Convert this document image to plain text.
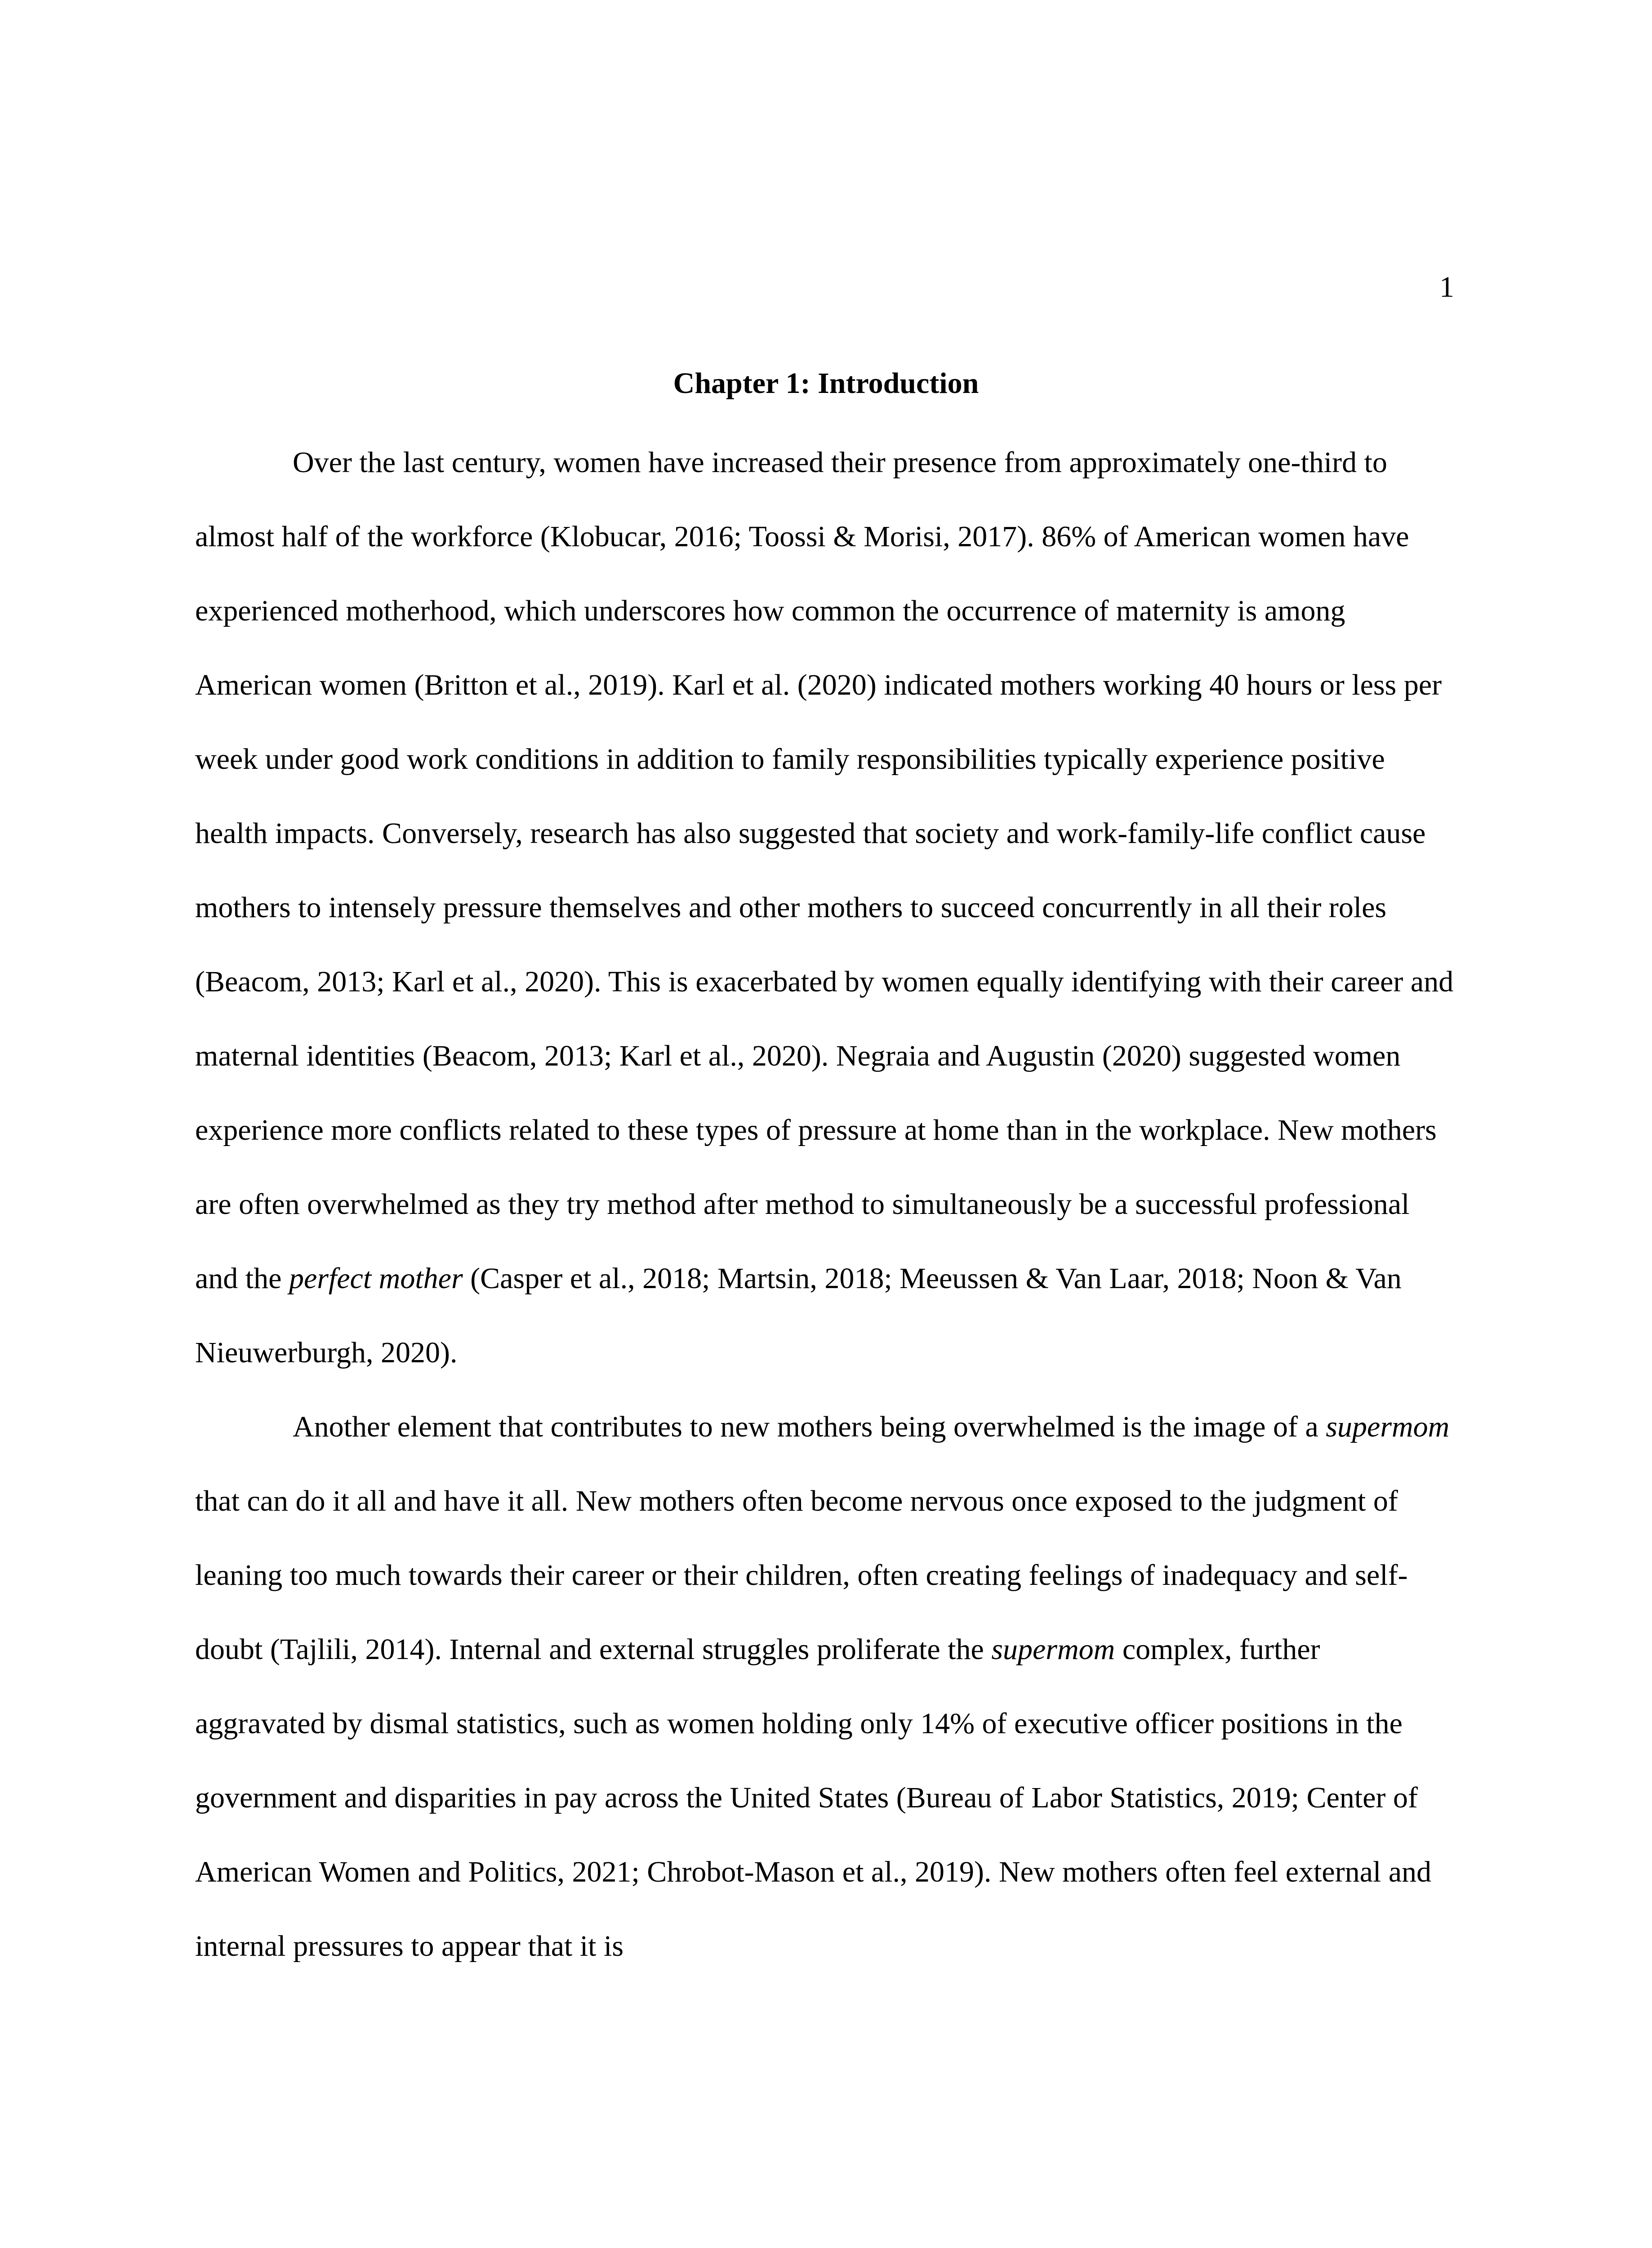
1
Chapter 1: Introduction

Over the last century, women have increased their presence from approximately one-third to almost half of the workforce (Klobucar, 2016; Toossi & Morisi, 2017). 86% of American women have experienced motherhood, which underscores how common the occurrence of maternity is among American women (Britton et al., 2019). Karl et al. (2020) indicated mothers working 40 hours or less per week under good work conditions in addition to family responsibilities typically experience positive health impacts. Conversely, research has also suggested that society and work-family-life conflict cause mothers to intensely pressure themselves and other mothers to succeed concurrently in all their roles (Beacom, 2013; Karl et al., 2020). This is exacerbated by women equally identifying with their career and maternal identities (Beacom, 2013; Karl et al., 2020). Negraia and Augustin (2020) suggested women experience more conflicts related to these types of pressure at home than in the workplace. New mothers are often overwhelmed as they try method after method to simultaneously be a successful professional and the perfect mother (Casper et al., 2018; Martsin, 2018; Meeussen & Van Laar, 2018; Noon & Van Nieuwerburgh, 2020).

Another element that contributes to new mothers being overwhelmed is the image of a supermom that can do it all and have it all. New mothers often become nervous once exposed to the judgment of leaning too much towards their career or their children, often creating feelings of inadequacy and self-doubt (Tajlili, 2014). Internal and external struggles proliferate the supermom complex, further aggravated by dismal statistics, such as women holding only 14% of executive officer positions in the government and disparities in pay across the United States (Bureau of Labor Statistics, 2019; Center of American Women and Politics, 2021; Chrobot-Mason et al., 2019). New mothers often feel external and internal pressures to appear that it is
